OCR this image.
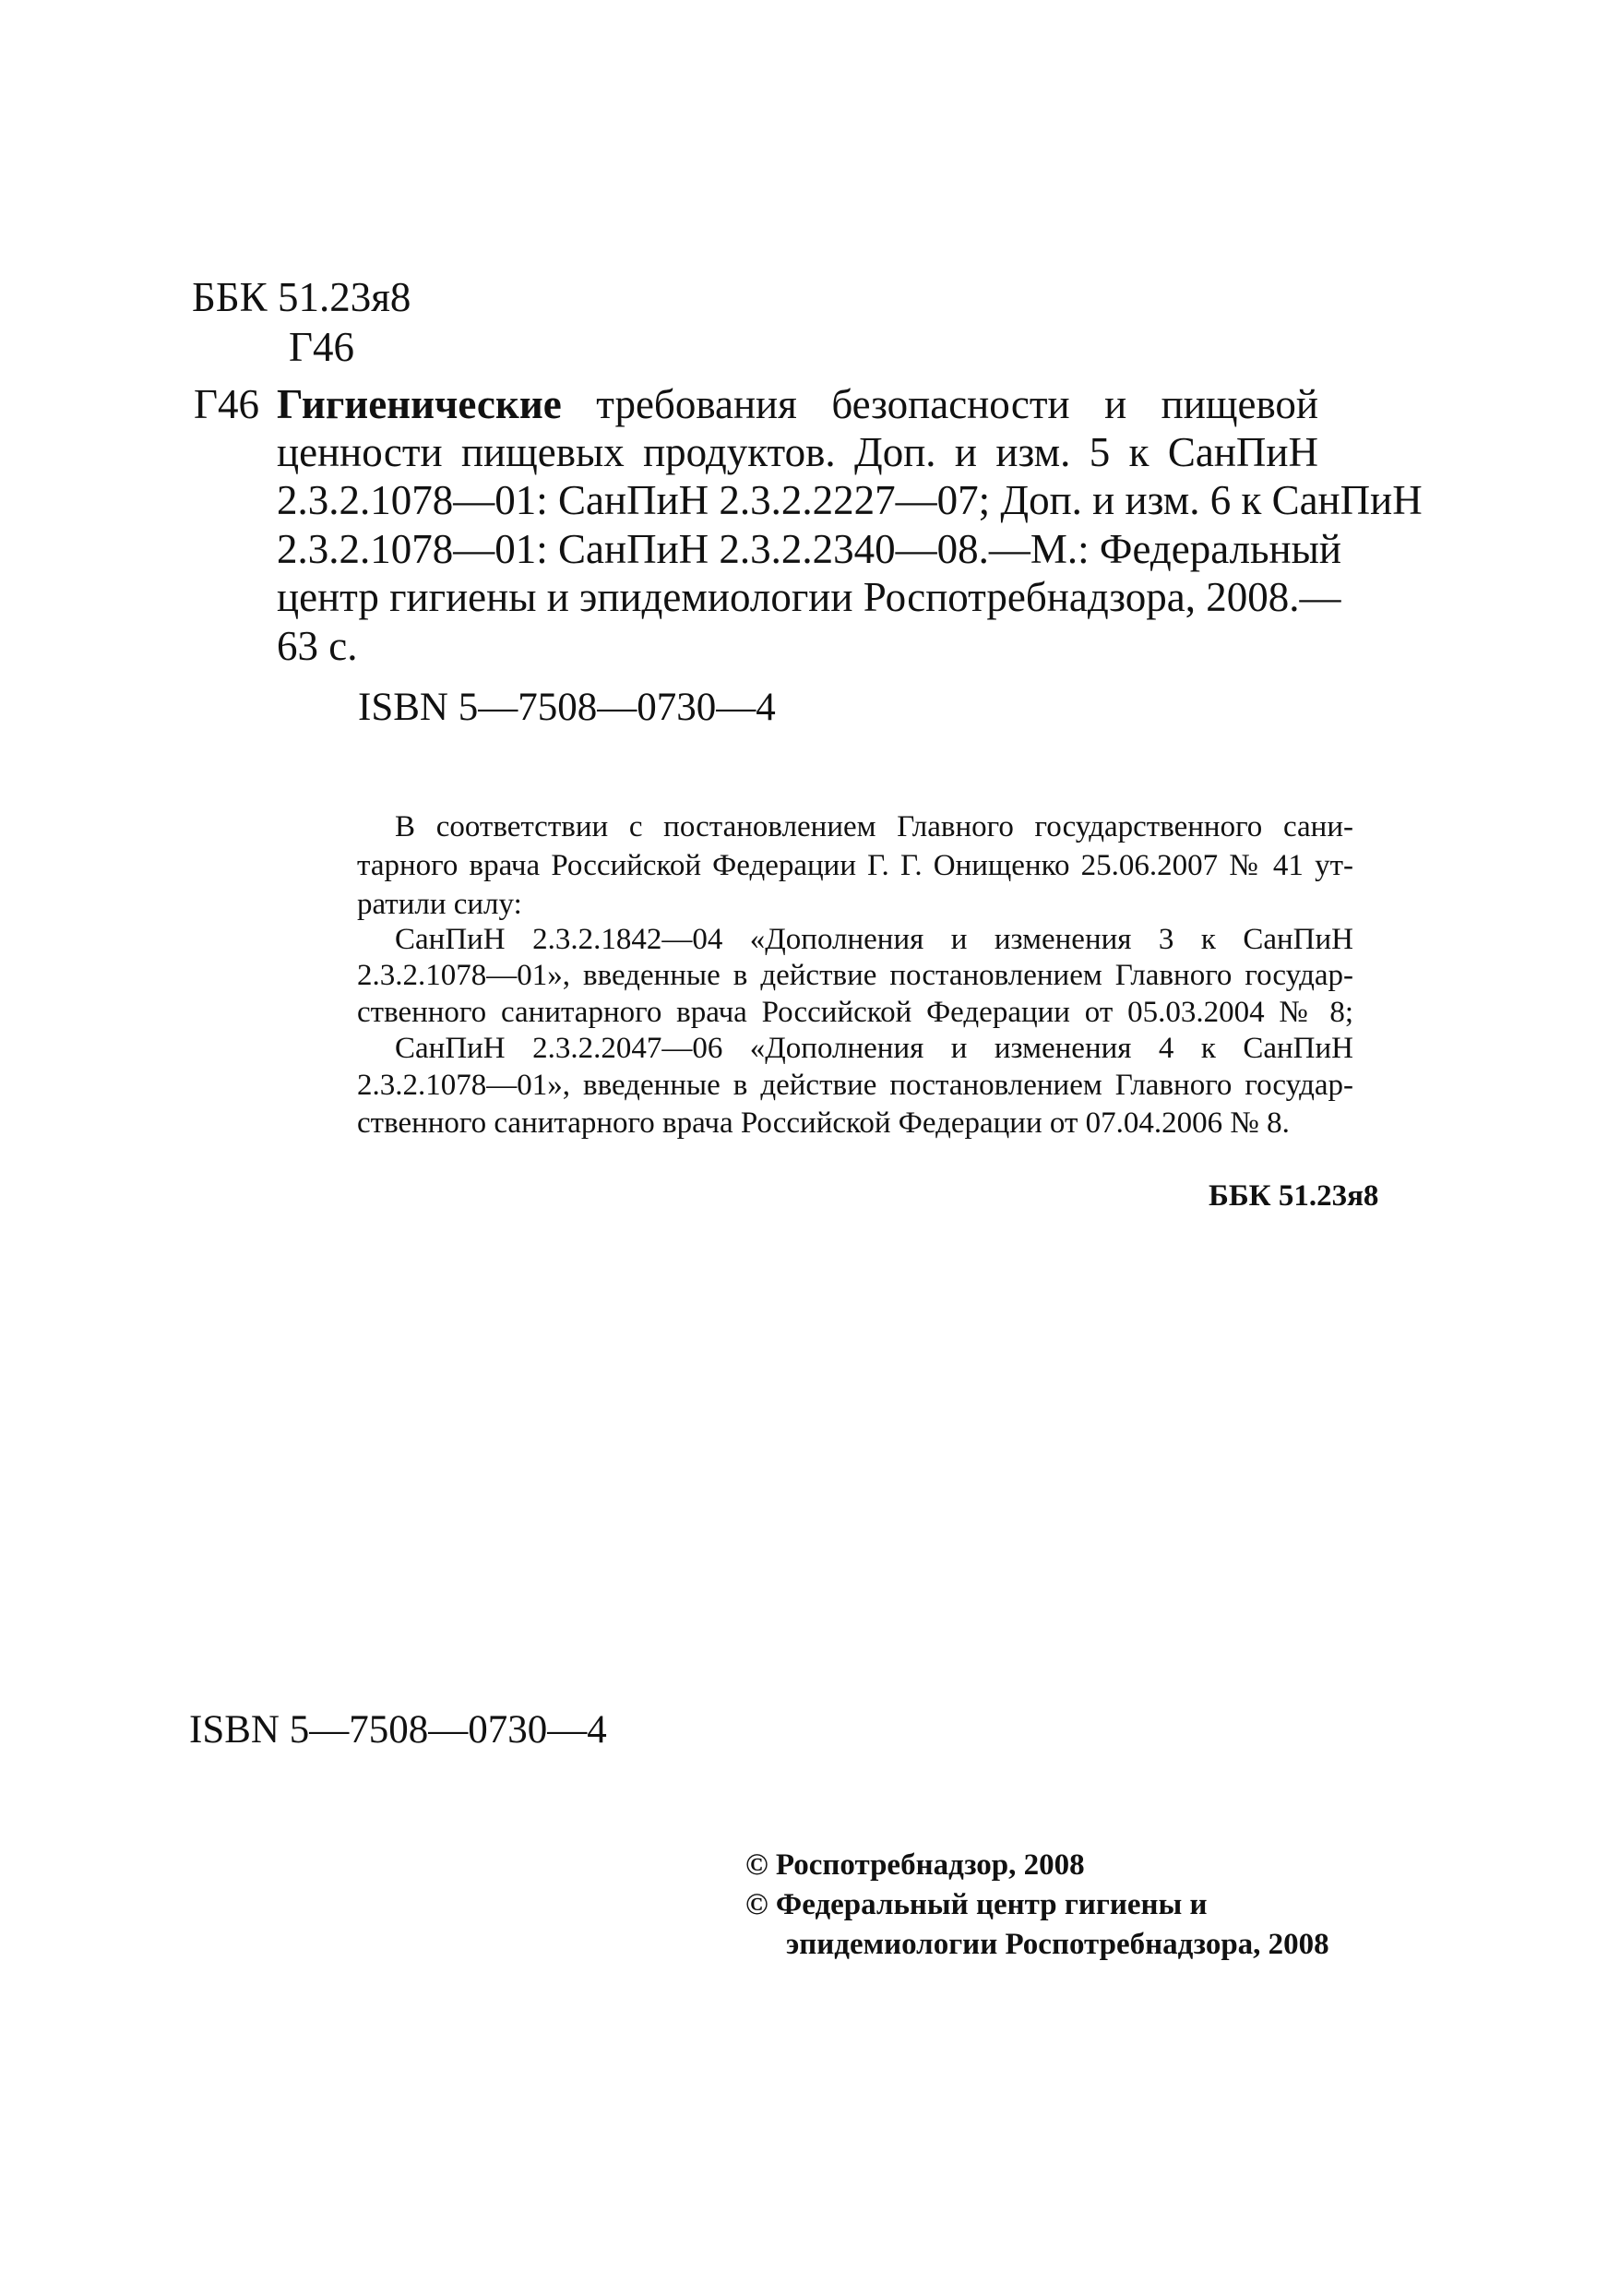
ББК 51.23я8
Г46
Г46 Гигиенические требования безопасности и пищевой
ценности пищевых продуктов. Доп. и изм. 5 к СанПиН
2.3.2.1078—01: СанПиН 2.3.2.2227—07; Доп. и изм. 6 к СанПиН
2.3.2.1078—01: СанПиН 2.3.2.2340—08.—М.: Федеральный
центр гигиены и эпидемиологии Роспотребнадзора, 2008.—
63 с.
ISBN 5—7508—0730—4
В соответствии с постановлением Главного государственного сани-
тарного врача Российской Федерации Г. Г. Онищенко 25.06.2007 № 41 ут-
ратили силу:
СанПиН 2.3.2.1842—04 «Дополнения и изменения 3 к СанПиН
2.3.2.1078—01», введенные в действие постановлением Главного государ-
ственного санитарного врача Российской Федерации от 05.03.2004 № 8;
СанПиН 2.3.2.2047—06 «Дополнения и изменения 4 к СанПиН
2.3.2.1078—01», введенные в действие постановлением Главного государ-
ственного санитарного врача Российской Федерации от 07.04.2006 № 8.
ББК 51.23я8
ISBN 5—7508—0730—4
© Роспотребнадзор, 2008
© Федеральный центр гигиены и
эпидемиологии Роспотребнадзора, 2008
